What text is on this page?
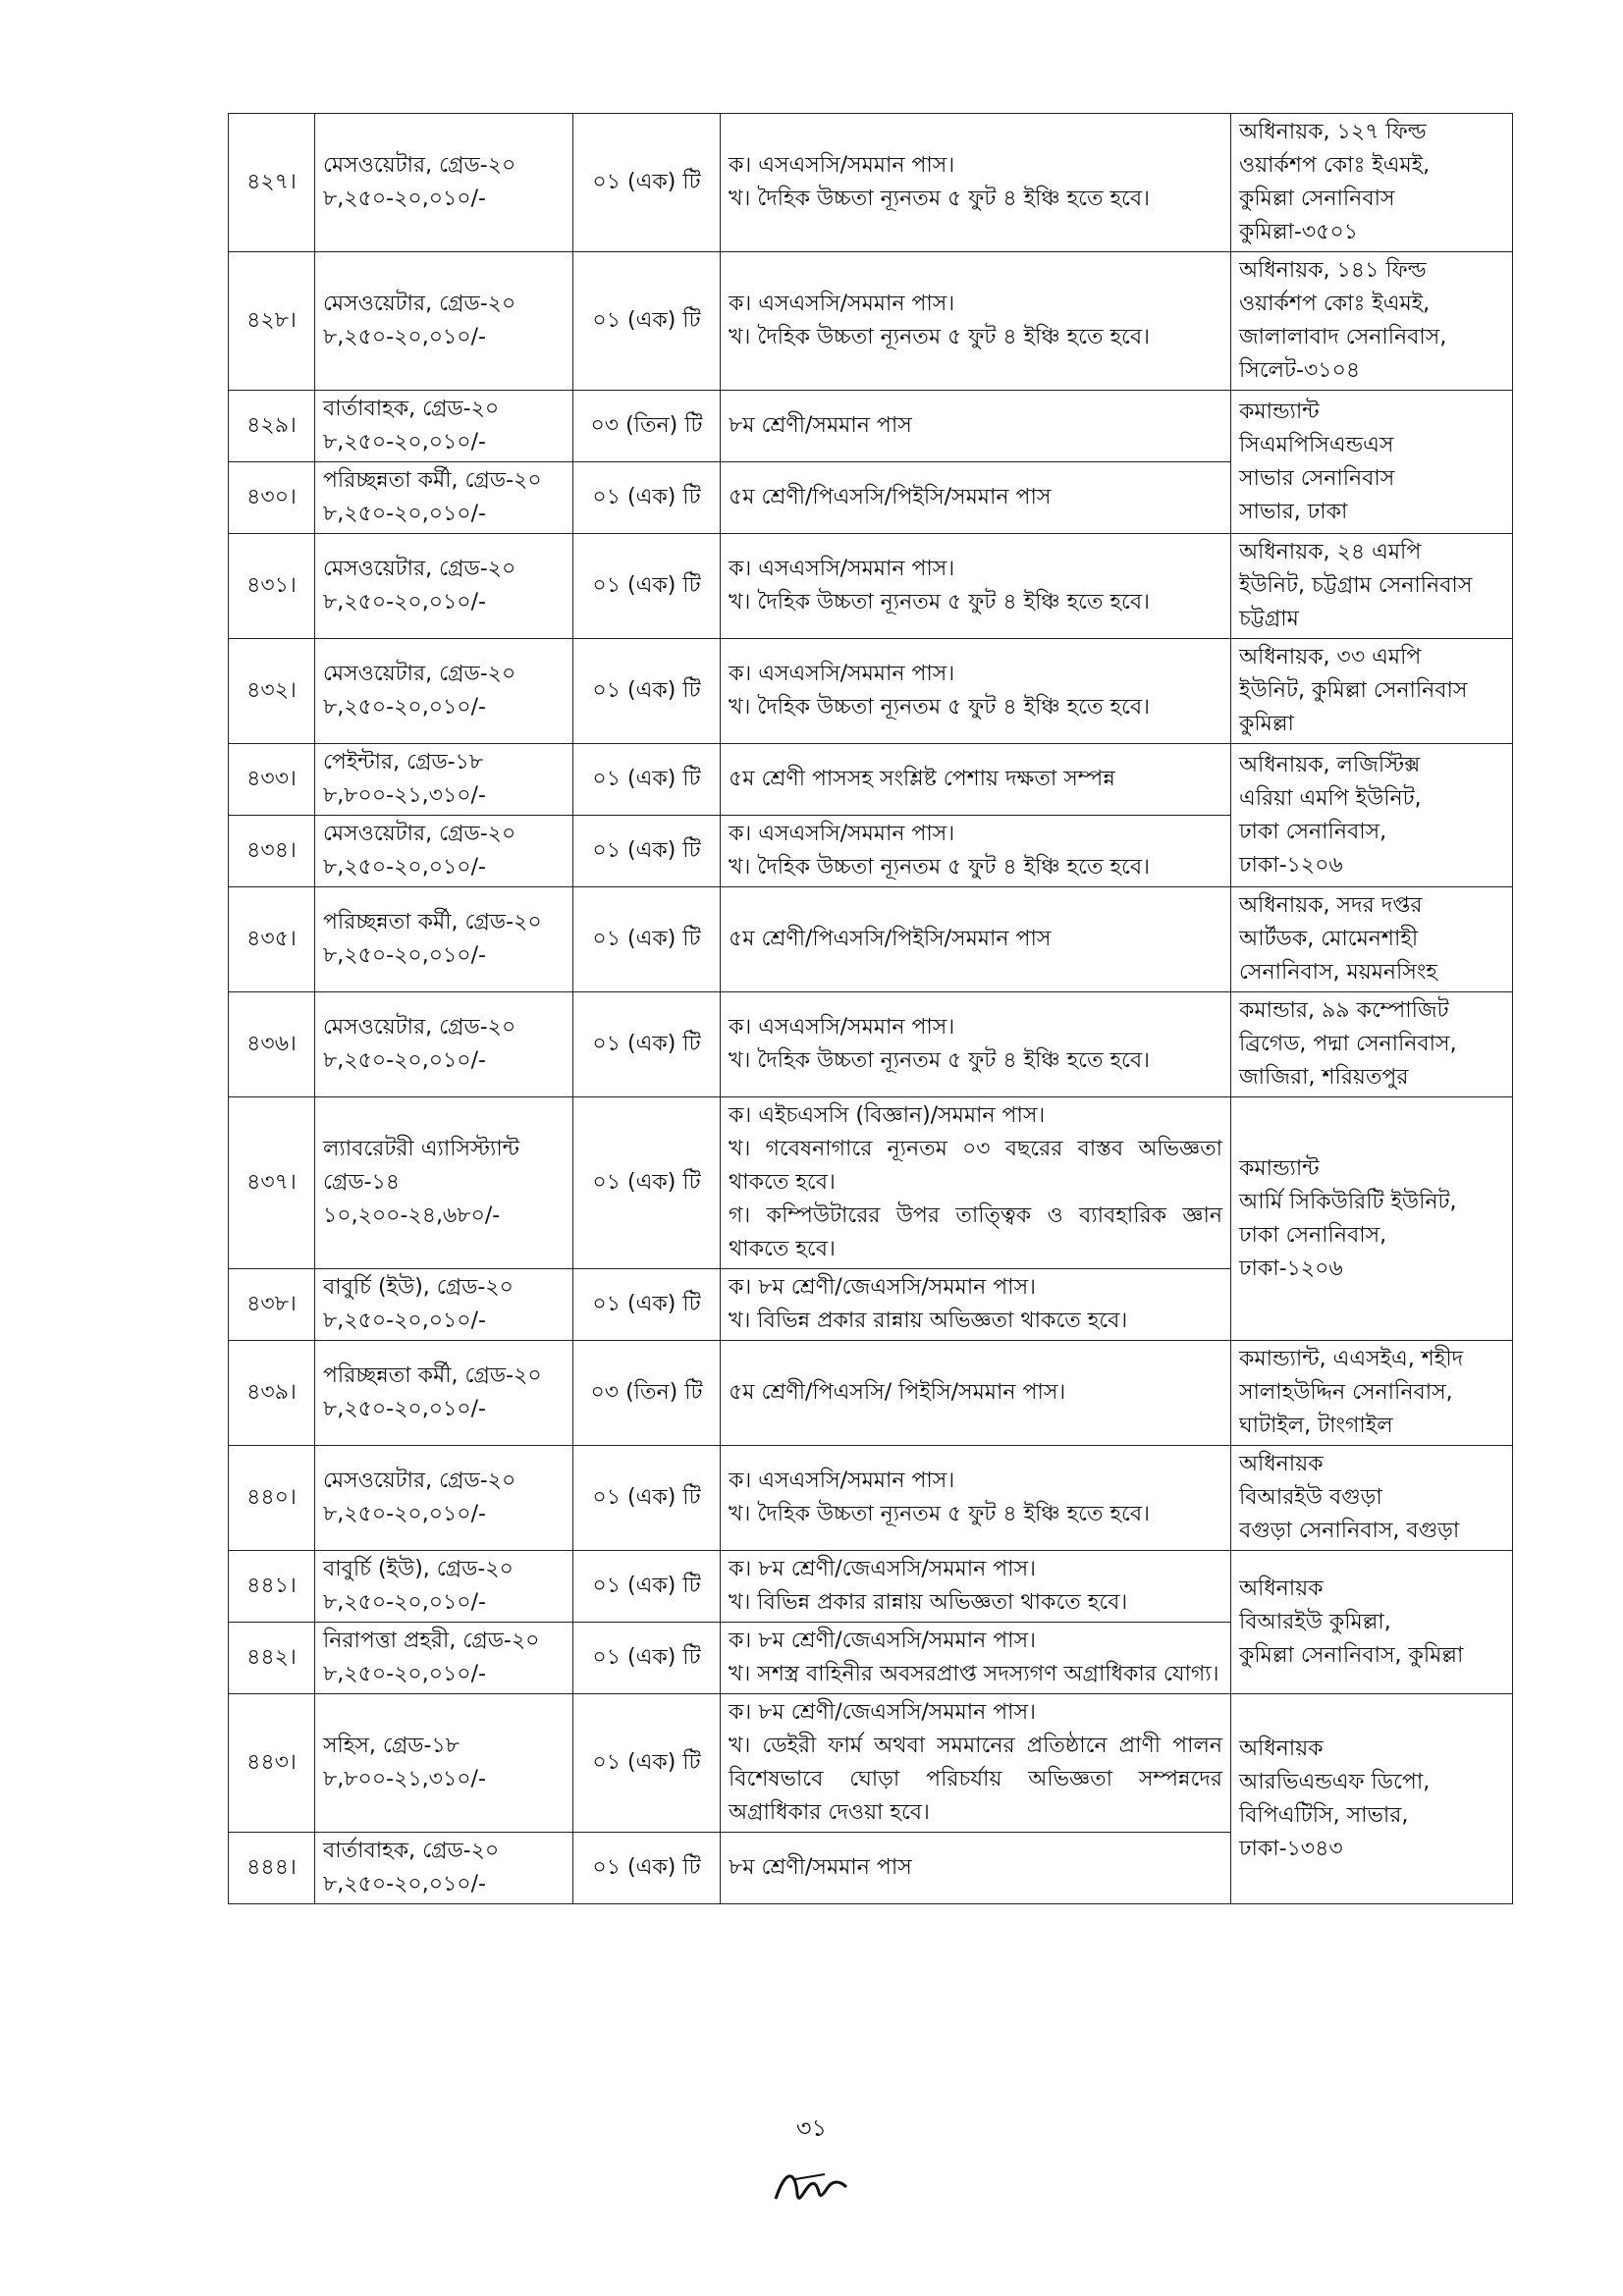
৪২৭।	মেসওয়েটার, গ্রেড-২০
৮,২৫০-২০,০১০/-	০১ (এক) টি	ক। এসএসসি/সমমান পাস।
খ। দৈহিক উচ্চতা ন্যূনতম ৫ ফুট ৪ ইঞ্চি হতে হবে।	অধিনায়ক, ১২৭ ফিল্ড
ওয়ার্কশপ কোঃ ইএমই,
কুমিল্লা সেনানিবাস
কুমিল্লা-৩৫০১

৪২৮।	মেসওয়েটার, গ্রেড-২০
৮,২৫০-২০,০১০/-	০১ (এক) টি	ক। এসএসসি/সমমান পাস।
খ। দৈহিক উচ্চতা ন্যূনতম ৫ ফুট ৪ ইঞ্চি হতে হবে।	অধিনায়ক, ১৪১ ফিল্ড
ওয়ার্কশপ কোঃ ইএমই,
জালালাবাদ সেনানিবাস,
সিলেট-৩১০৪

৪২৯।	বার্তাবাহক, গ্রেড-২০
৮,২৫০-২০,০১০/-	০৩ (তিন) টি	৮ম শ্রেণী/সমমান পাস	কমান্ড্যান্ট
সিএমপিসিএন্ডএস
সাভার সেনানিবাস
সাভার, ঢাকা

৪৩০।	পরিচ্ছন্নতা কর্মী, গ্রেড-২০
৮,২৫০-২০,০১০/-	০১ (এক) টি	৫ম শ্রেণী/পিএসসি/পিইসি/সমমান পাস	

৪৩১।	মেসওয়েটার, গ্রেড-২০
৮,২৫০-২০,০১০/-	০১ (এক) টি	ক। এসএসসি/সমমান পাস।
খ। দৈহিক উচ্চতা ন্যূনতম ৫ ফুট ৪ ইঞ্চি হতে হবে।	অধিনায়ক, ২৪ এমপি
ইউনিট, চট্টগ্রাম সেনানিবাস
চট্টগ্রাম

৪৩২।	মেসওয়েটার, গ্রেড-২০
৮,২৫০-২০,০১০/-	০১ (এক) টি	ক। এসএসসি/সমমান পাস।
খ। দৈহিক উচ্চতা ন্যূনতম ৫ ফুট ৪ ইঞ্চি হতে হবে।	অধিনায়ক, ৩৩ এমপি
ইউনিট, কুমিল্লা সেনানিবাস
কুমিল্লা

৪৩৩।	পেইন্টার, গ্রেড-১৮
৮,৮০০-২১,৩১০/-	০১ (এক) টি	৫ম শ্রেণী পাসসহ সংশ্লিষ্ট পেশায় দক্ষতা সম্পন্ন	অধিনায়ক, লজিস্টিক্স
এরিয়া এমপি ইউনিট,
ঢাকা সেনানিবাস,
ঢাকা-১২০৬

৪৩৪।	মেসওয়েটার, গ্রেড-২০
৮,২৫০-২০,০১০/-	০১ (এক) টি	ক। এসএসসি/সমমান পাস।
খ। দৈহিক উচ্চতা ন্যূনতম ৫ ফুট ৪ ইঞ্চি হতে হবে।	

৪৩৫।	পরিচ্ছন্নতা কর্মী, গ্রেড-২০
৮,২৫০-২০,০১০/-	০১ (এক) টি	৫ম শ্রেণী/পিএসসি/পিইসি/সমমান পাস	অধিনায়ক, সদর দপ্তর
আর্টডক, মোমেনশাহী
সেনানিবাস, ময়মনসিংহ

৪৩৬।	মেসওয়েটার, গ্রেড-২০
৮,২৫০-২০,০১০/-	০১ (এক) টি	ক। এসএসসি/সমমান পাস।
খ। দৈহিক উচ্চতা ন্যূনতম ৫ ফুট ৪ ইঞ্চি হতে হবে।	কমান্ডার, ৯৯ কম্পোজিট
ব্রিগেড, পদ্মা সেনানিবাস,
জাজিরা, শরিয়তপুর

৪৩৭।	ল্যাবরেটরী এ্যাসিস্ট্যান্ট
গ্রেড-১৪
১০,২০০-২৪,৬৮০/-	০১ (এক) টি	ক। এইচএসসি (বিজ্ঞান)/সমমান পাস।
খ। গবেষনাগারে ন্যূনতম ০৩ বছরের বাস্তব অভিজ্ঞতা থাকতে হবে।
গ। কম্পিউটারের উপর তাত্ত্বিক ও ব্যাবহারিক জ্ঞান থাকতে হবে।	কমান্ড্যান্ট
আর্মি সিকিউরিটি ইউনিট,
ঢাকা সেনানিবাস,
ঢাকা-১২০৬

৪৩৮।	বাবুর্চি (ইউ), গ্রেড-২০
৮,২৫০-২০,০১০/-	০১ (এক) টি	ক। ৮ম শ্রেণী/জেএসসি/সমমান পাস।
খ। বিভিন্ন প্রকার রান্নায় অভিজ্ঞতা থাকতে হবে।	

৪৩৯।	পরিচ্ছন্নতা কর্মী, গ্রেড-২০
৮,২৫০-২০,০১০/-	০৩ (তিন) টি	৫ম শ্রেণী/পিএসসি/ পিইসি/সমমান পাস।	কমান্ড্যান্ট, এএসইএ, শহীদ
সালাহউদ্দিন সেনানিবাস,
ঘাটাইল, টাংগাইল

৪৪০।	মেসওয়েটার, গ্রেড-২০
৮,২৫০-২০,০১০/-	০১ (এক) টি	ক। এসএসসি/সমমান পাস।
খ। দৈহিক উচ্চতা ন্যূনতম ৫ ফুট ৪ ইঞ্চি হতে হবে।	অধিনায়ক
বিআরইউ বগুড়া
বগুড়া সেনানিবাস, বগুড়া

৪৪১।	বাবুর্চি (ইউ), গ্রেড-২০
৮,২৫০-২০,০১০/-	০১ (এক) টি	ক। ৮ম শ্রেণী/জেএসসি/সমমান পাস।
খ। বিভিন্ন প্রকার রান্নায় অভিজ্ঞতা থাকতে হবে।	অধিনায়ক
বিআরইউ কুমিল্লা,
কুমিল্লা সেনানিবাস, কুমিল্লা

৪৪২।	নিরাপত্তা প্রহরী, গ্রেড-২০
৮,২৫০-২০,০১০/-	০১ (এক) টি	ক। ৮ম শ্রেণী/জেএসসি/সমমান পাস।
খ। সশস্ত্র বাহিনীর অবসরপ্রাপ্ত সদস্যগণ অগ্রাধিকার যোগ্য।	

৪৪৩।	সহিস, গ্রেড-১৮
৮,৮০০-২১,৩১০/-	০১ (এক) টি	ক। ৮ম শ্রেণী/জেএসসি/সমমান পাস।
খ। ডেইরী ফার্ম অথবা সমমানের প্রতিষ্ঠানে প্রাণী পালন বিশেষভাবে ঘোড়া পরিচর্যায় অভিজ্ঞতা সম্পন্নদের অগ্রাধিকার দেওয়া হবে।	অধিনায়ক
আরভিএন্ডএফ ডিপো,
বিপিএটিসি, সাভার,
ঢাকা-১৩৪৩

৪৪৪।	বার্তাবাহক, গ্রেড-২০
৮,২৫০-২০,০১০/-	০১ (এক) টি	৮ম শ্রেণী/সমমান পাস	
৩১
